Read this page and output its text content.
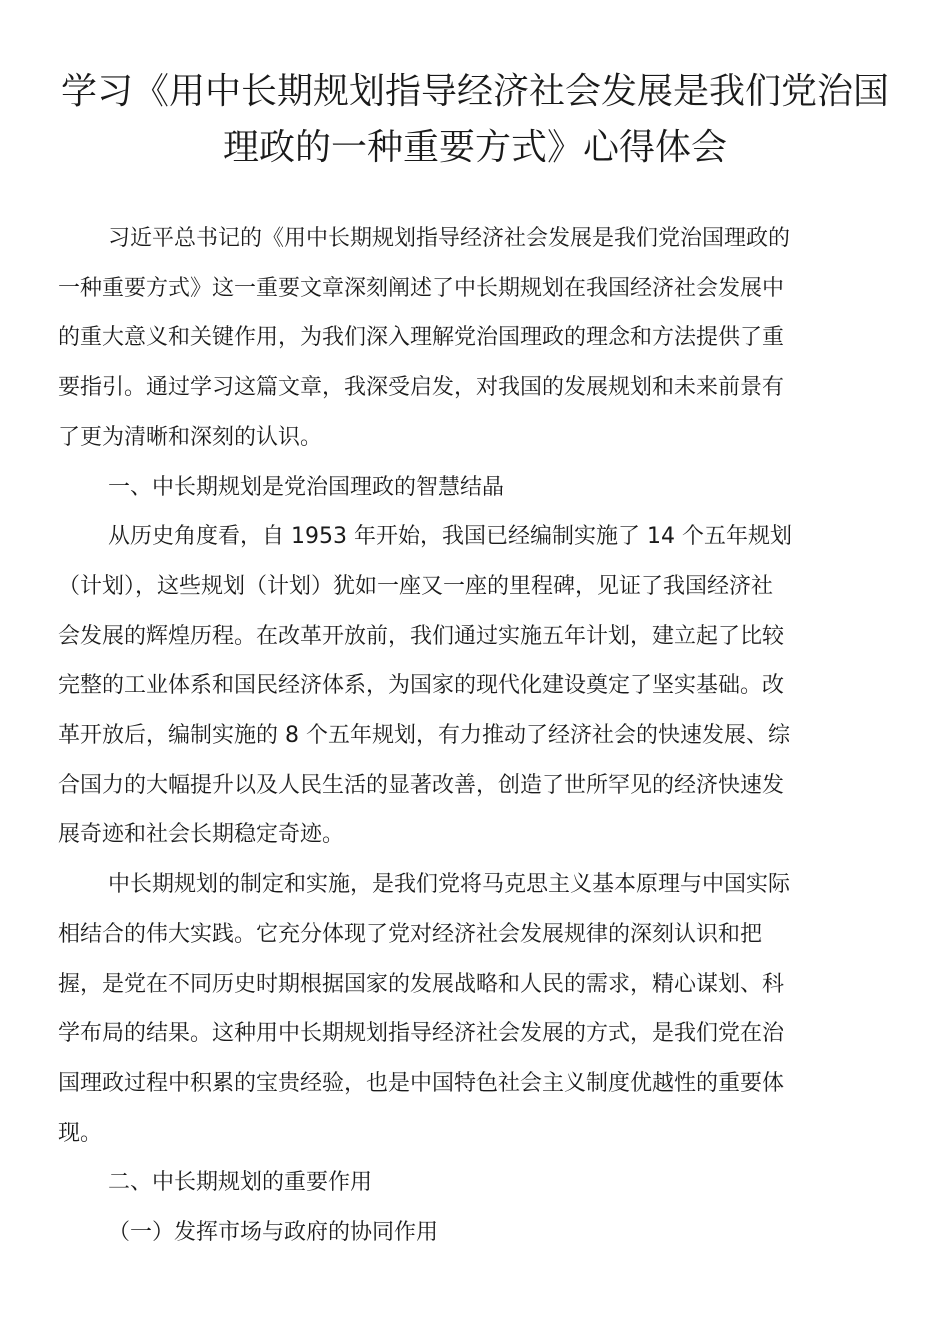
学习《用中长期规划指导经济社会发展是我们党治国
理政的一种重要方式》心得体会

习近平总书记的《用中长期规划指导经济社会发展是我们党治国理政的
一种重要方式》这一重要文章深刻阐述了中长期规划在我国经济社会发展中
的重大意义和关键作用，为我们深入理解党治国理政的理念和方法提供了重
要指引。通过学习这篇文章，我深受启发，对我国的发展规划和未来前景有
了更为清晰和深刻的认识。

一、中长期规划是党治国理政的智慧结晶

从历史角度看，自 1953 年开始，我国已经编制实施了 14 个五年规划
（计划），这些规划（计划）犹如一座又一座的里程碑，见证了我国经济社
会发展的辉煌历程。在改革开放前，我们通过实施五年计划，建立起了比较
完整的工业体系和国民经济体系，为国家的现代化建设奠定了坚实基础。改
革开放后，编制实施的 8 个五年规划，有力推动了经济社会的快速发展、综
合国力的大幅提升以及人民生活的显著改善，创造了世所罕见的经济快速发
展奇迹和社会长期稳定奇迹。

中长期规划的制定和实施，是我们党将马克思主义基本原理与中国实际
相结合的伟大实践。它充分体现了党对经济社会发展规律的深刻认识和把
握，是党在不同历史时期根据国家的发展战略和人民的需求，精心谋划、科
学布局的结果。这种用中长期规划指导经济社会发展的方式，是我们党在治
国理政过程中积累的宝贵经验，也是中国特色社会主义制度优越性的重要体
现。

二、中长期规划的重要作用

（一）发挥市场与政府的协同作用
